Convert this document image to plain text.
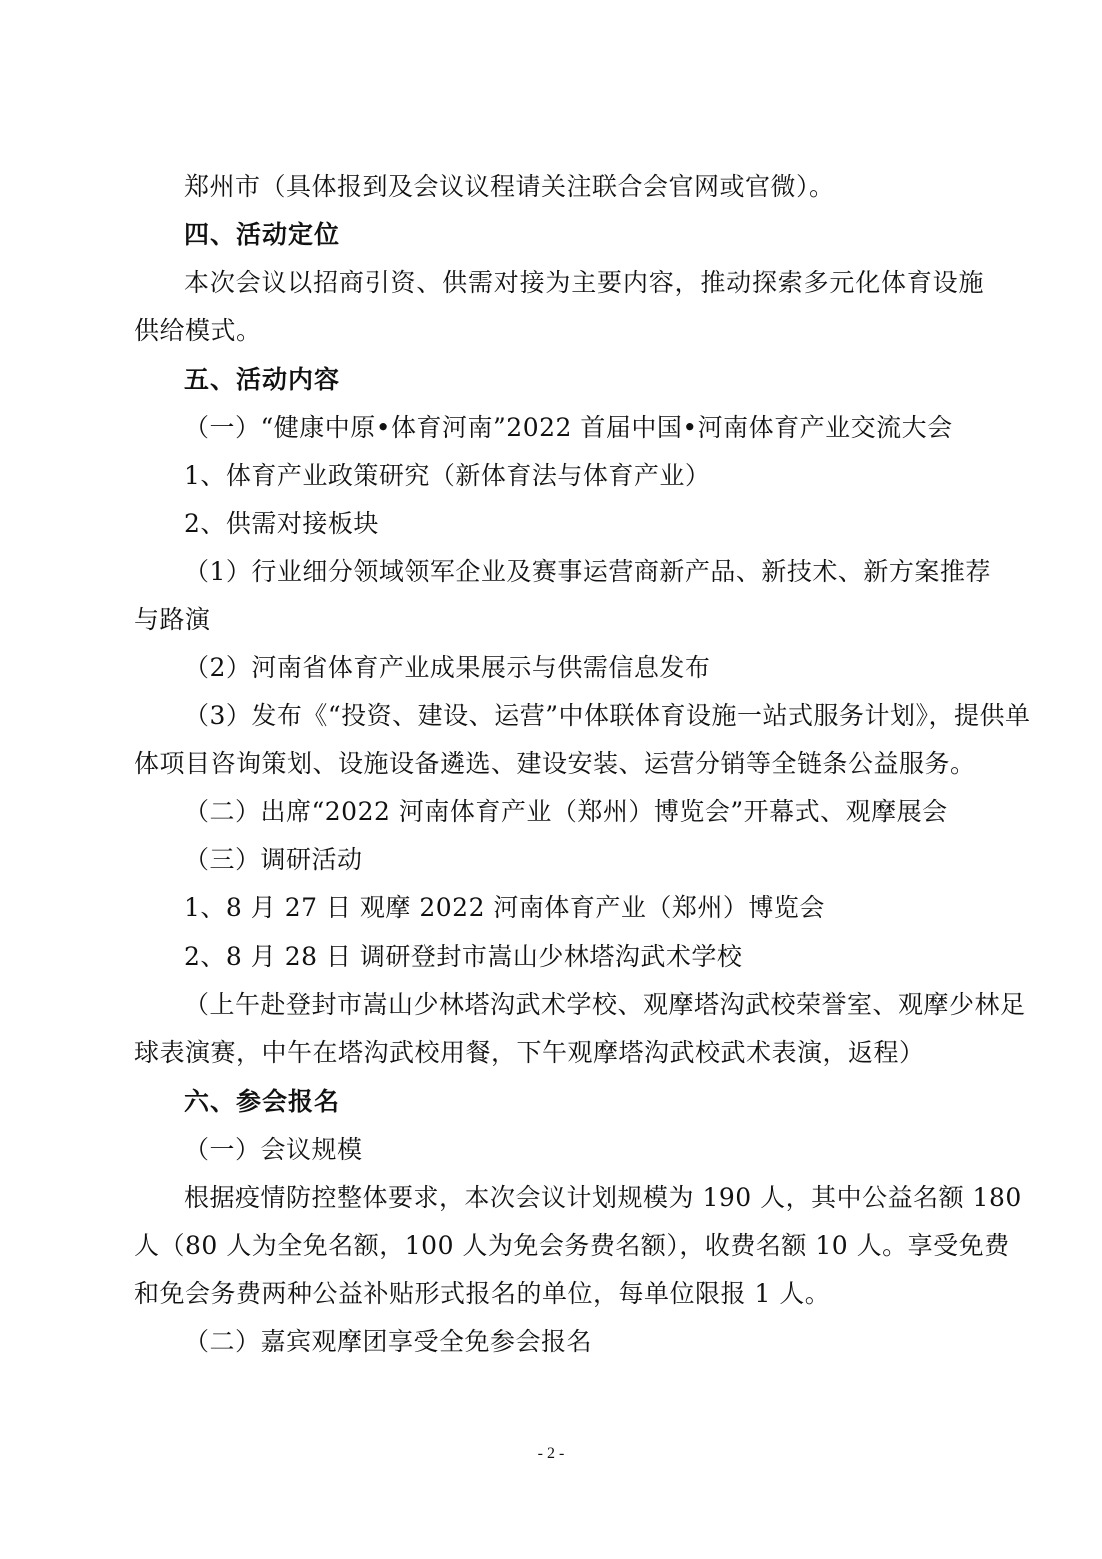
郑州市（具体报到及会议议程请关注联合会官网或官微）。
四、活动定位
本次会议以招商引资、供需对接为主要内容，推动探索多元化体育设施
供给模式。
五、活动内容
（一）“健康中原•体育河南”2022 首届中国•河南体育产业交流大会
1、体育产业政策研究（新体育法与体育产业）
2、供需对接板块
（1）行业细分领域领军企业及赛事运营商新产品、新技术、新方案推荐
与路演
（2）河南省体育产业成果展示与供需信息发布
（3）发布《“投资、建设、运营”中体联体育设施一站式服务计划》，提供单
体项目咨询策划、设施设备遴选、建设安装、运营分销等全链条公益服务。
（二）出席“2022 河南体育产业（郑州）博览会”开幕式、观摩展会
（三）调研活动
1、8 月 27 日 观摩 2022 河南体育产业（郑州）博览会
2、8 月 28 日 调研登封市嵩山少林塔沟武术学校
（上午赴登封市嵩山少林塔沟武术学校、观摩塔沟武校荣誉室、观摩少林足
球表演赛，中午在塔沟武校用餐，下午观摩塔沟武校武术表演，返程）
六、参会报名
（一）会议规模
根据疫情防控整体要求，本次会议计划规模为 190 人，其中公益名额 180
人（80 人为全免名额，100 人为免会务费名额），收费名额 10 人。享受免费
和免会务费两种公益补贴形式报名的单位，每单位限报 1 人。
（二）嘉宾观摩团享受全免参会报名
- 2 -
